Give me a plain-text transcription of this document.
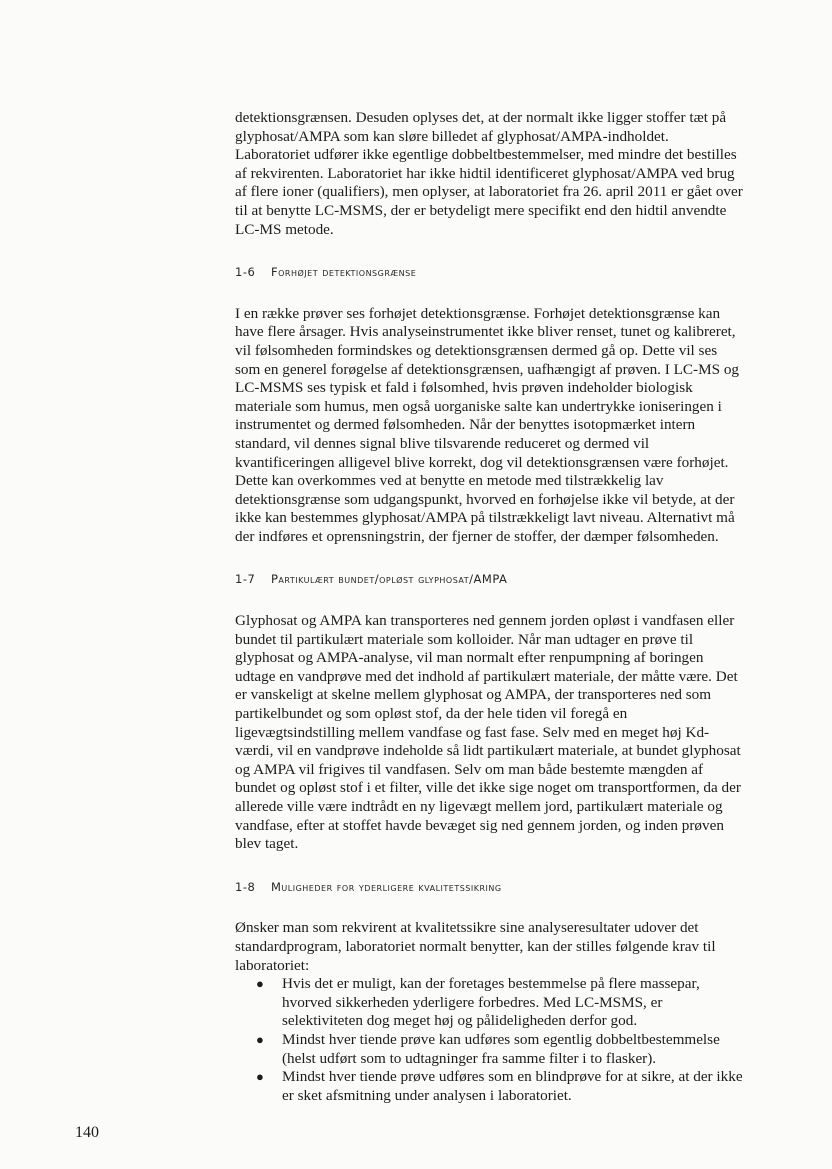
detektionsgrænsen. Desuden oplyses det, at der normalt ikke ligger stoffer tæt på glyphosat/AMPA som kan sløre billedet af glyphosat/AMPA-indholdet. Laboratoriet udfører ikke egentlige dobbeltbestemmelser, med mindre det bestilles af rekvirenten. Laboratoriet har ikke hidtil identificeret glyphosat/AMPA ved brug af flere ioner (qualifiers), men oplyser, at laboratoriet fra 26. april 2011 er gået over til at benytte LC-MSMS, der er betydeligt mere specifikt end den hidtil anvendte LC-MS metode.

1-6	Forhøjet detektionsgrænse

I en række prøver ses forhøjet detektionsgrænse. Forhøjet detektionsgrænse kan have flere årsager. Hvis analyseinstrumentet ikke bliver renset, tunet og kalibreret, vil følsomheden formindskes og detektionsgrænsen dermed gå op. Dette vil ses som en generel forøgelse af detektionsgrænsen, uafhængigt af prøven. I LC-MS og LC-MSMS ses typisk et fald i følsomhed, hvis prøven indeholder biologisk materiale som humus, men også uorganiske salte kan undertrykke ioniseringen i instrumentet og dermed følsomheden. Når der benyttes isotopmærket intern standard, vil dennes signal blive tilsvarende reduceret og dermed vil kvantificeringen alligevel blive korrekt, dog vil detektionsgrænsen være forhøjet. Dette kan overkommes ved at benytte en metode med tilstrækkelig lav detektionsgrænse som udgangspunkt, hvorved en forhøjelse ikke vil betyde, at der ikke kan bestemmes glyphosat/AMPA på tilstrækkeligt lavt niveau. Alternativt må der indføres et oprensningstrin, der fjerner de stoffer, der dæmper følsomheden.

1-7	Partikulært bundet/opløst glyphosat/AMPA

Glyphosat og AMPA kan transporteres ned gennem jorden opløst i vandfasen eller bundet til partikulært materiale som kolloider. Når man udtager en prøve til glyphosat og AMPA-analyse, vil man normalt efter renpumpning af boringen udtage en vandprøve med det indhold af partikulært materiale, der måtte være. Det er vanskeligt at skelne mellem glyphosat og AMPA, der transporteres ned som partikelbundet og som opløst stof, da der hele tiden vil foregå en ligevægtsindstilling mellem vandfase og fast fase. Selv med en meget høj Kd-værdi, vil en vandprøve indeholde så lidt partikulært materiale, at bundet glyphosat og AMPA vil frigives til vandfasen. Selv om man både bestemte mængden af bundet og opløst stof i et filter, ville det ikke sige noget om transportformen, da der allerede ville være indtrådt en ny ligevægt mellem jord, partikulært materiale og vandfase, efter at stoffet havde bevæget sig ned gennem jorden, og inden prøven blev taget.

1-8	Muligheder for yderligere kvalitetssikring

Ønsker man som rekvirent at kvalitetssikre sine analyseresultater udover det standardprogram, laboratoriet normalt benytter, kan der stilles følgende krav til laboratoriet:

● Hvis det er muligt, kan der foretages bestemmelse på flere massepar, hvorved sikkerheden yderligere forbedres. Med LC-MSMS, er selektiviteten dog meget høj og pålideligheden derfor god.
● Mindst hver tiende prøve kan udføres som egentlig dobbeltbestemmelse (helst udført som to udtagninger fra samme filter i to flasker).
● Mindst hver tiende prøve udføres som en blindprøve for at sikre, at der ikke er sket afsmitning under analysen i laboratoriet.
140
